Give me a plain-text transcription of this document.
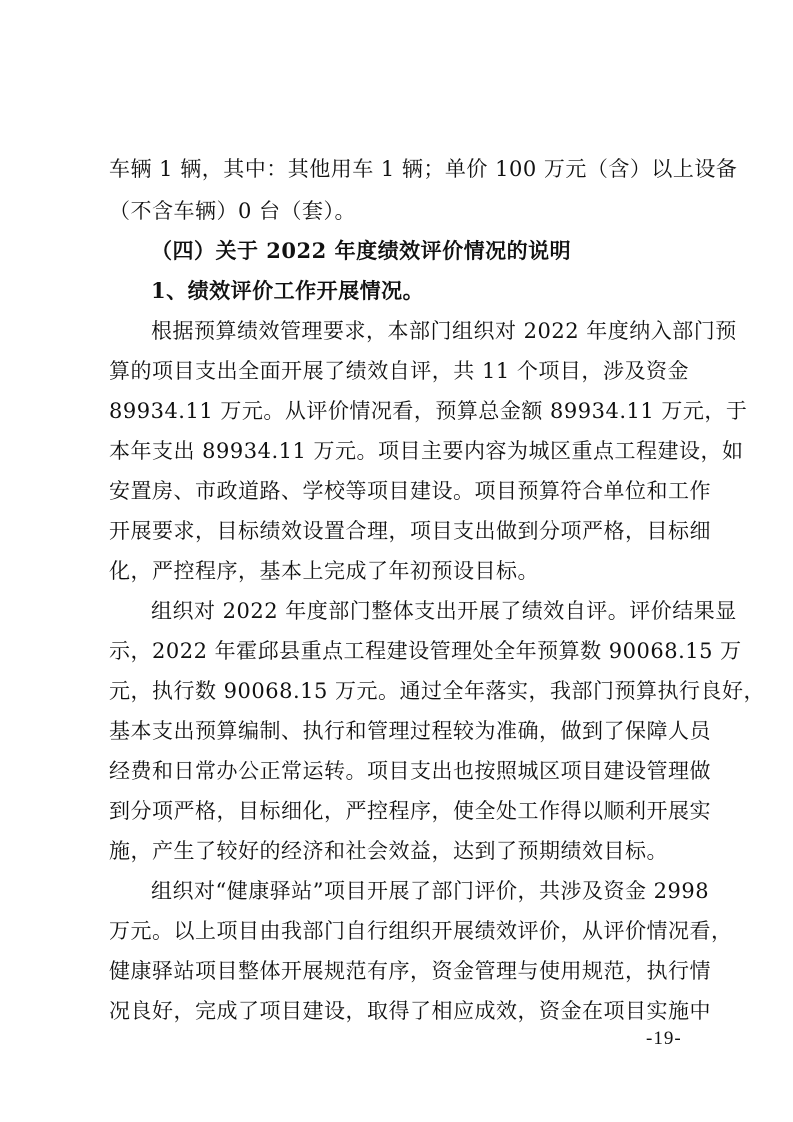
车辆 1 辆，其中：其他用车 1 辆；单价 100 万元（含）以上设备
（不含车辆）0 台（套）。
（四）关于 2022 年度绩效评价情况的说明
1、绩效评价工作开展情况。
根据预算绩效管理要求，本部门组织对 2022 年度纳入部门预
算的项目支出全面开展了绩效自评，共 11 个项目，涉及资金
89934.11 万元。从评价情况看，预算总金额 89934.11 万元，于
本年支出 89934.11 万元。项目主要内容为城区重点工程建设，如
安置房、市政道路、学校等项目建设。项目预算符合单位和工作
开展要求，目标绩效设置合理，项目支出做到分项严格，目标细
化，严控程序，基本上完成了年初预设目标。
组织对 2022 年度部门整体支出开展了绩效自评。评价结果显
示，2022 年霍邱县重点工程建设管理处全年预算数 90068.15 万
元，执行数 90068.15 万元。通过全年落实，我部门预算执行良好，
基本支出预算编制、执行和管理过程较为准确，做到了保障人员
经费和日常办公正常运转。项目支出也按照城区项目建设管理做
到分项严格，目标细化，严控程序，使全处工作得以顺利开展实
施，产生了较好的经济和社会效益，达到了预期绩效目标。
组织对“健康驿站”项目开展了部门评价，共涉及资金 2998
万元。以上项目由我部门自行组织开展绩效评价，从评价情况看，
健康驿站项目整体开展规范有序，资金管理与使用规范，执行情
况良好，完成了项目建设，取得了相应成效，资金在项目实施中
-19-
